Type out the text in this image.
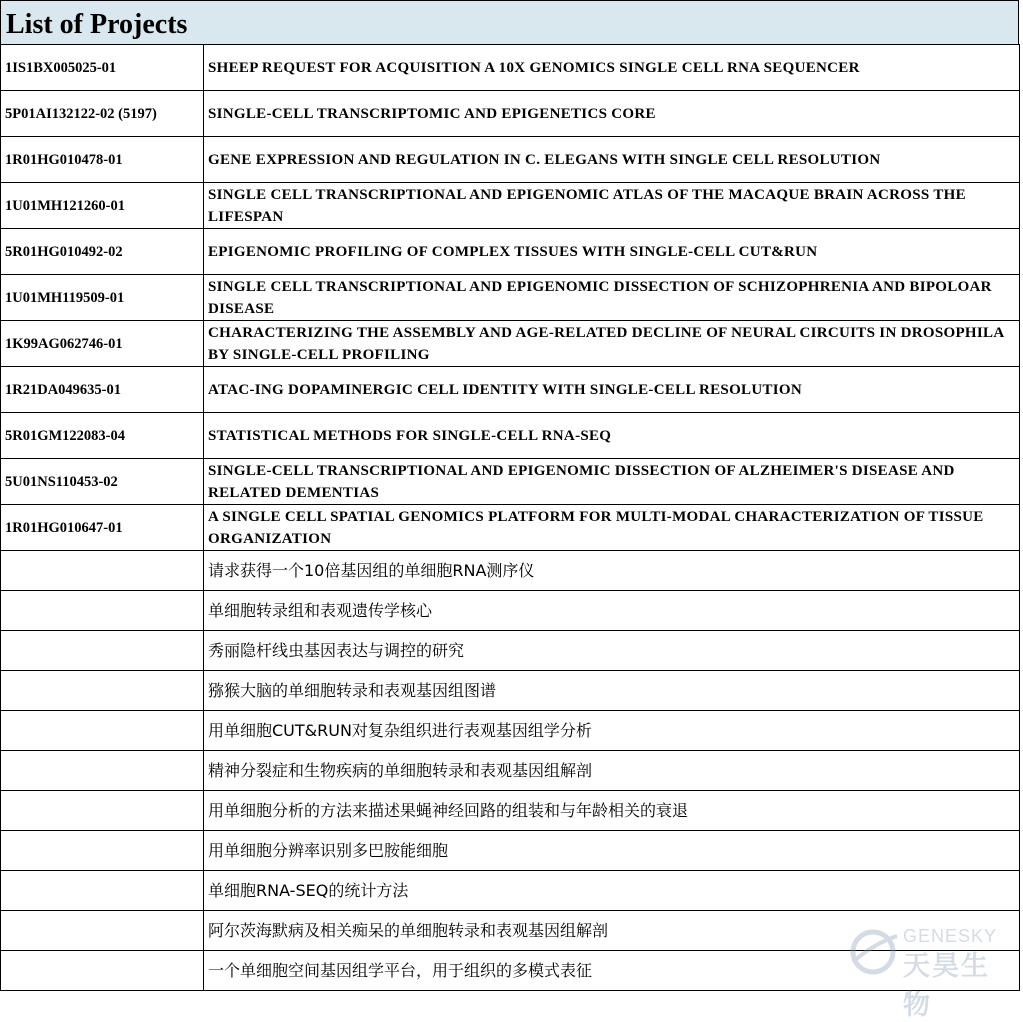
List of Projects
1IS1BX005025-01	SHEEP REQUEST FOR ACQUISITION A 10X GENOMICS SINGLE CELL RNA SEQUENCER
5P01AI132122-02 (5197)	SINGLE-CELL TRANSCRIPTOMIC AND EPIGENETICS CORE
1R01HG010478-01	GENE EXPRESSION AND REGULATION IN C. ELEGANS WITH SINGLE CELL RESOLUTION
1U01MH121260-01	SINGLE CELL TRANSCRIPTIONAL AND EPIGENOMIC ATLAS OF THE MACAQUE BRAIN ACROSS THE LIFESPAN
5R01HG010492-02	EPIGENOMIC PROFILING OF COMPLEX TISSUES WITH SINGLE-CELL CUT&RUN
1U01MH119509-01	SINGLE CELL TRANSCRIPTIONAL AND EPIGENOMIC DISSECTION OF SCHIZOPHRENIA AND BIPOLOAR DISEASE
1K99AG062746-01	CHARACTERIZING THE ASSEMBLY AND AGE-RELATED DECLINE OF NEURAL CIRCUITS IN DROSOPHILA BY SINGLE-CELL PROFILING
1R21DA049635-01	ATAC-ING DOPAMINERGIC CELL IDENTITY WITH SINGLE-CELL RESOLUTION
5R01GM122083-04	STATISTICAL METHODS FOR SINGLE-CELL RNA-SEQ
5U01NS110453-02	SINGLE-CELL TRANSCRIPTIONAL AND EPIGENOMIC DISSECTION OF ALZHEIMER'S DISEASE AND RELATED DEMENTIAS
1R01HG010647-01	A SINGLE CELL SPATIAL GENOMICS PLATFORM FOR MULTI-MODAL CHARACTERIZATION OF TISSUE ORGANIZATION
	请求获得一个10倍基因组的单细胞RNA测序仪
	单细胞转录组和表观遗传学核心
	秀丽隐杆线虫基因表达与调控的研究
	猕猴大脑的单细胞转录和表观基因组图谱
	用单细胞CUT&RUN对复杂组织进行表观基因组学分析
	精神分裂症和生物疾病的单细胞转录和表观基因组解剖
	用单细胞分析的方法来描述果蝇神经回路的组装和与年龄相关的衰退
	用单细胞分辨率识别多巴胺能细胞
	单细胞RNA-SEQ的统计方法
	阿尔茨海默病及相关痴呆的单细胞转录和表观基因组解剖
	一个单细胞空间基因组学平台，用于组织的多模式表征
GENESKY
天昊生物
